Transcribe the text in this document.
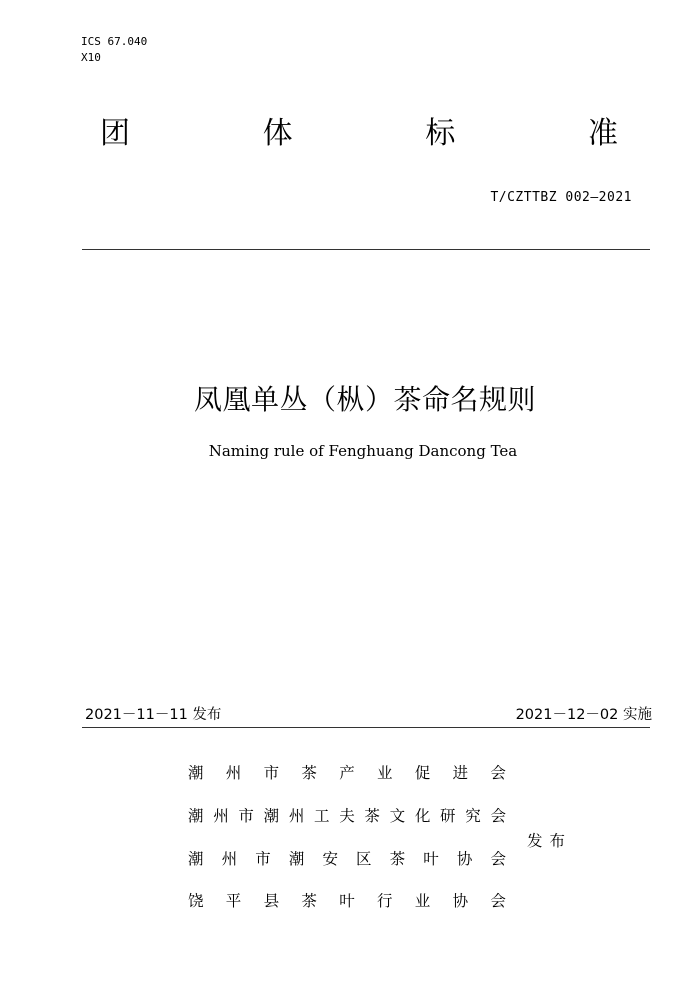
ICS 67.040
X10
团	体	标	准
T/CZTTBZ 002—2021
凤凰单丛（枞）茶命名规则
Naming rule of Fenghuang Dancong Tea
2021－11－11 发布	2021－12－02 实施
潮 州 市 茶 产 业 促 进 会
潮 州 市 潮 州 工 夫 茶 文 化 研 究 会
潮 州 市 潮 安 区 茶 叶 协 会
饶 平 县 茶 叶 行 业 协 会
发布
